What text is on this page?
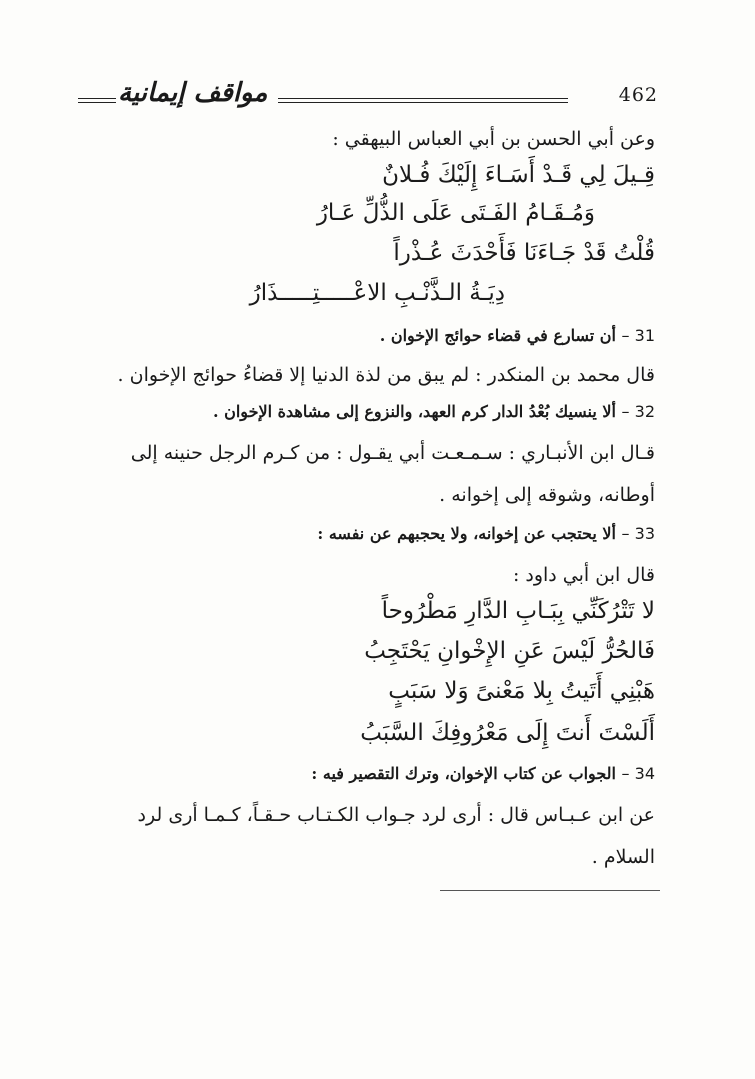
مواقف إيمانية	462
وعن أبي الحسن بن أبي العباس البيهقي :
قِـيلَ لِي قَـدْ أَسَـاءَ إِلَيْكَ فُـلانٌ
وَمُـقَـامُ الفَـتَى عَلَى الذُّلِّ عَـارُ
قُلْتُ قَدْ جَـاءَنَا فَأَحْدَثَ عُـذْراً
دِيَـةُ الـذَّنْـبِ الاعْـــــتِـــــذَارُ
31 – أن تسارع في قضاء حوائج الإخوان .
قال محمد بن المنكدر : لم يبق من لذة الدنيا إلا قضاءُ حوائج الإخوان .
32 – ألا ينسيك بُعْدُ الدار كرم العهد، والنزوع إلى مشاهدة الإخوان .
قـال ابن الأنبـاري : سـمـعـت أبي يقـول : من كـرم الرجل حنينه إلى
أوطانه، وشوقه إلى إخوانه .
33 – ألا يحتجب عن إخوانه، ولا يحجبهم عن نفسه :
قال ابن أبي داود :
لا تَتْرُكَنِّي بِبَـابِ الدَّارِ مَطْرُوحاً
فَالحُرُّ لَيْسَ عَنِ الإِخْوانِ يَحْتَجِبُ
هَبْنِي أَتَيتُ بِلا مَعْنىً وَلا سَبَبٍ
أَلَسْتَ أَنتَ إِلَى مَعْرُوفِكَ السَّبَبُ
34 – الجواب عن كتاب الإخوان، وترك التقصير فيه :
عن ابن عـبـاس قال : أرى لرد جـواب الكـتـاب حـقـاً، كـمـا أرى لرد
السلام .
